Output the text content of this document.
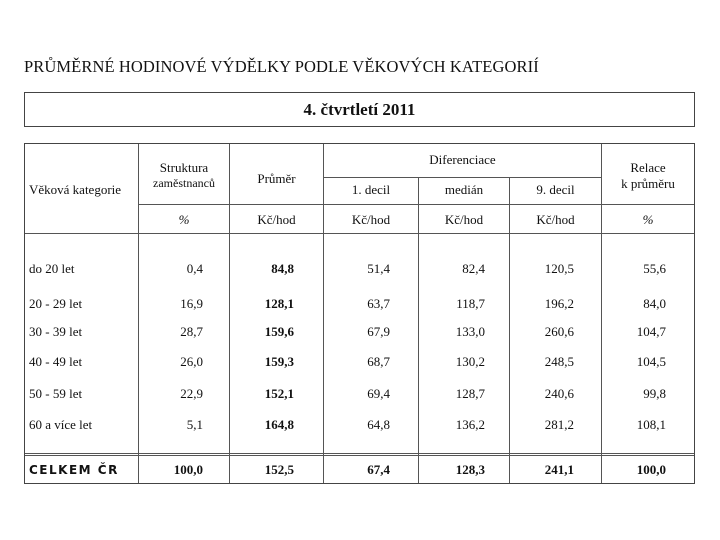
PRŮMĚRNÉ HODINOVÉ VÝDĚLKY PODLE VĚKOVÝCH KATEGORIÍ
4. čtvrtletí 2011
Věková kategorie
Struktura
zaměstnanců	Průměr
Diferenciace
1. decil	medián	9. decil
Relace
k průměru
%	Kč/hod	Kč/hod	Kč/hod	Kč/hod	%
do 20 let	0,4	84,8	51,4	82,4	120,5	55,6
20 - 29 let	16,9	128,1	63,7	118,7	196,2	84,0
30 - 39 let	28,7	159,6	67,9	133,0	260,6	104,7
40 - 49 let	26,0	159,3	68,7	130,2	248,5	104,5
50 - 59 let	22,9	152,1	69,4	128,7	240,6	99,8
60 a více let	5,1	164,8	64,8	136,2	281,2	108,1
CELKEM ČR	100,0	152,5	67,4	128,3	241,1	100,0
